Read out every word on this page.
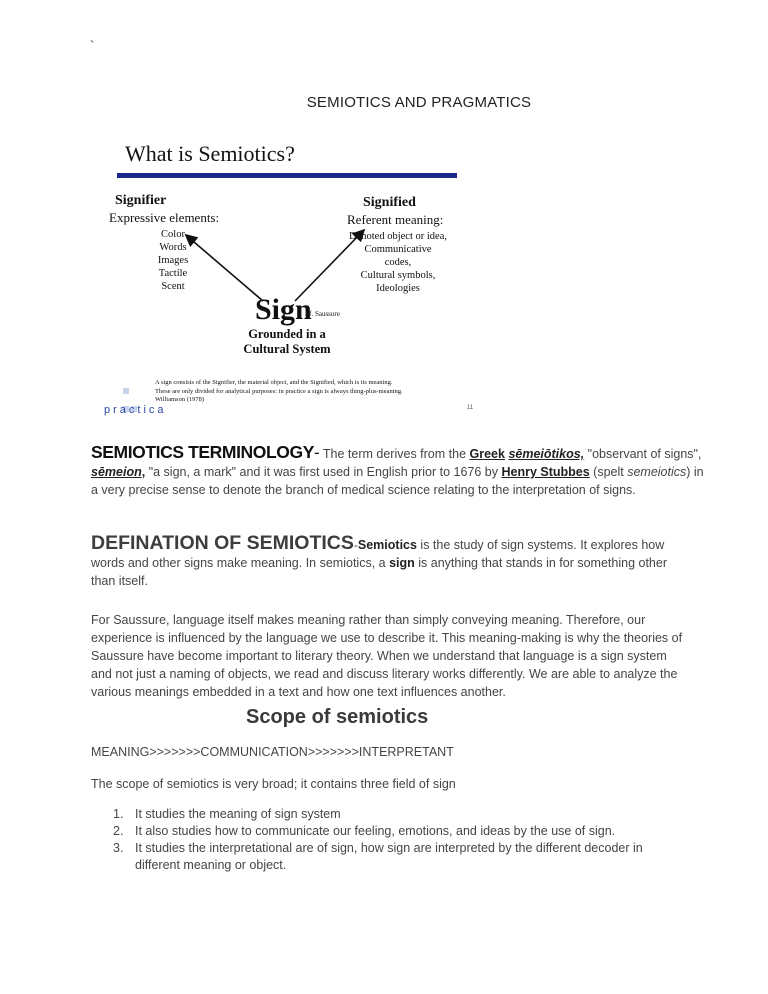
`
SEMIOTICS AND PRAGMATICS
What is Semiotics?
Signifier
Expressive elements:
Color
Words
Images
Tactile
Scent
Signified
Referent meaning:
Denoted object or idea,
Communicative
codes,
Cultural symbols,
Ideologies
Sign
cf. Saussure
Grounded in a
Cultural System
A sign consists of the Signifier, the material object, and the Signified, which is its meaning.
These are only divided for analytical purposes: in practice a sign is always thing-plus-meaning.
Williamson (1978)
practica	11
SEMIOTICS TERMINOLOGY- The term derives from the Greek sēmeiōtikos, "observant of signs", sēmeion, "a sign, a mark" and it was first used in English prior to 1676 by Henry Stubbes (spelt semeiotics) in a very precise sense to denote the branch of medical science relating to the interpretation of signs.
DEFINATION OF SEMIOTICS-Semiotics is the study of sign systems. It explores how words and other signs make meaning. In semiotics, a sign is anything that stands in for something other than itself.

For Saussure, language itself makes meaning rather than simply conveying meaning. Therefore, our experience is influenced by the language we use to describe it. This meaning-making is why the theories of Saussure have become important to literary theory. When we understand that language is a sign system and not just a naming of objects, we read and discuss literary works differently. We are able to analyze the various meanings embedded in a text and how one text influences another.

Scope of semiotics
MEANING>>>>>>>COMMUNICATION>>>>>>>INTERPRETANT
The scope of semiotics is very broad; it contains three field of sign
1. It studies the meaning of sign system
2. It also studies how to communicate our feeling, emotions, and ideas by the use of sign.
3. It studies the interpretational are of sign, how sign are interpreted by the different decoder in different meaning or object.
